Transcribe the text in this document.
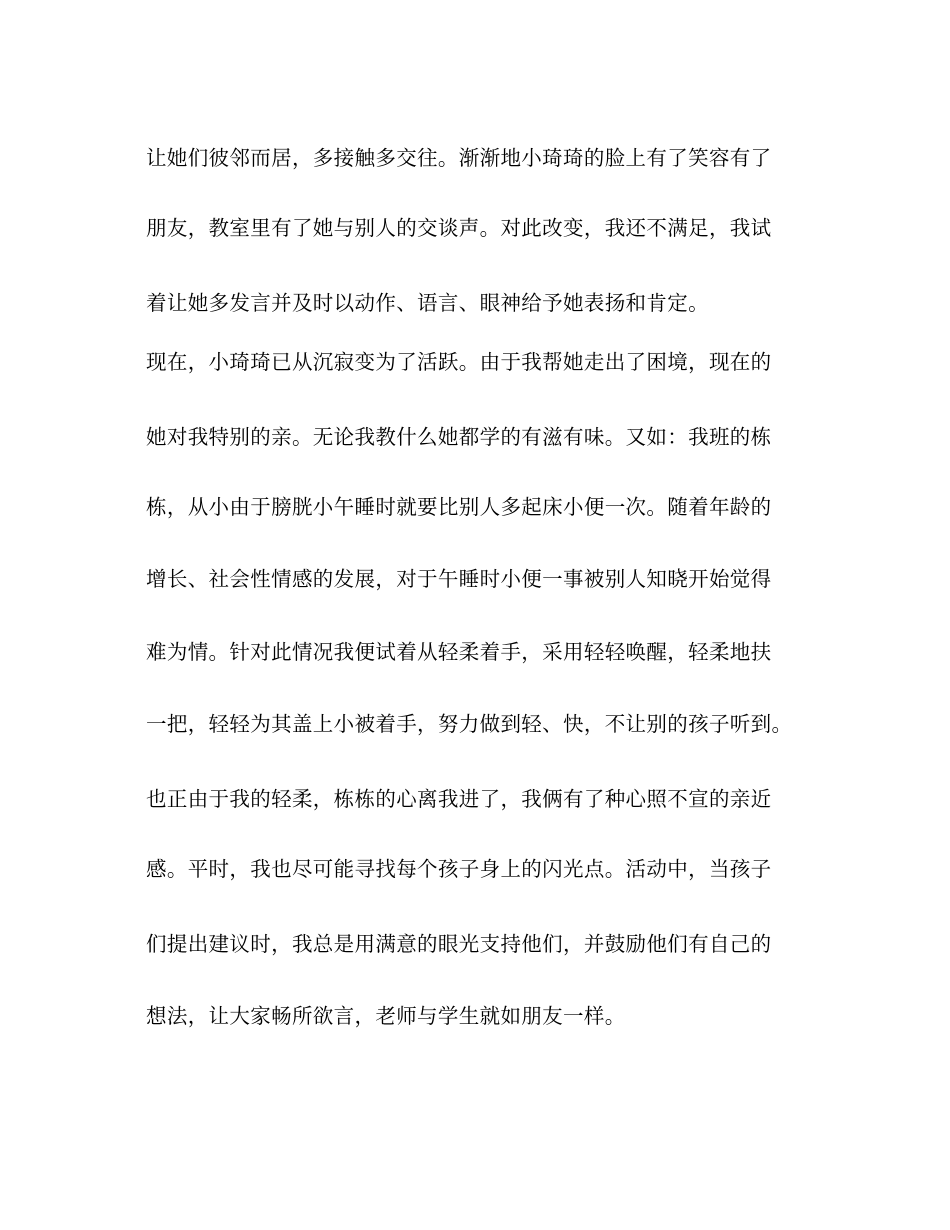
让她们彼邻而居，多接触多交往。渐渐地小琦琦的脸上有了笑容有了
朋友，教室里有了她与别人的交谈声。对此改变，我还不满足，我试
着让她多发言并及时以动作、语言、眼神给予她表扬和肯定。
现在，小琦琦已从沉寂变为了活跃。由于我帮她走出了困境，现在的
她对我特别的亲。无论我教什么她都学的有滋有味。又如：我班的栋
栋，从小由于膀胱小午睡时就要比别人多起床小便一次。随着年龄的
增长、社会性情感的发展，对于午睡时小便一事被别人知晓开始觉得
难为情。针对此情况我便试着从轻柔着手，采用轻轻唤醒，轻柔地扶
一把，轻轻为其盖上小被着手，努力做到轻、快，不让别的孩子听到。
也正由于我的轻柔，栋栋的心离我进了，我俩有了种心照不宣的亲近
感。平时，我也尽可能寻找每个孩子身上的闪光点。活动中，当孩子
们提出建议时，我总是用满意的眼光支持他们，并鼓励他们有自己的
想法，让大家畅所欲言，老师与学生就如朋友一样。
